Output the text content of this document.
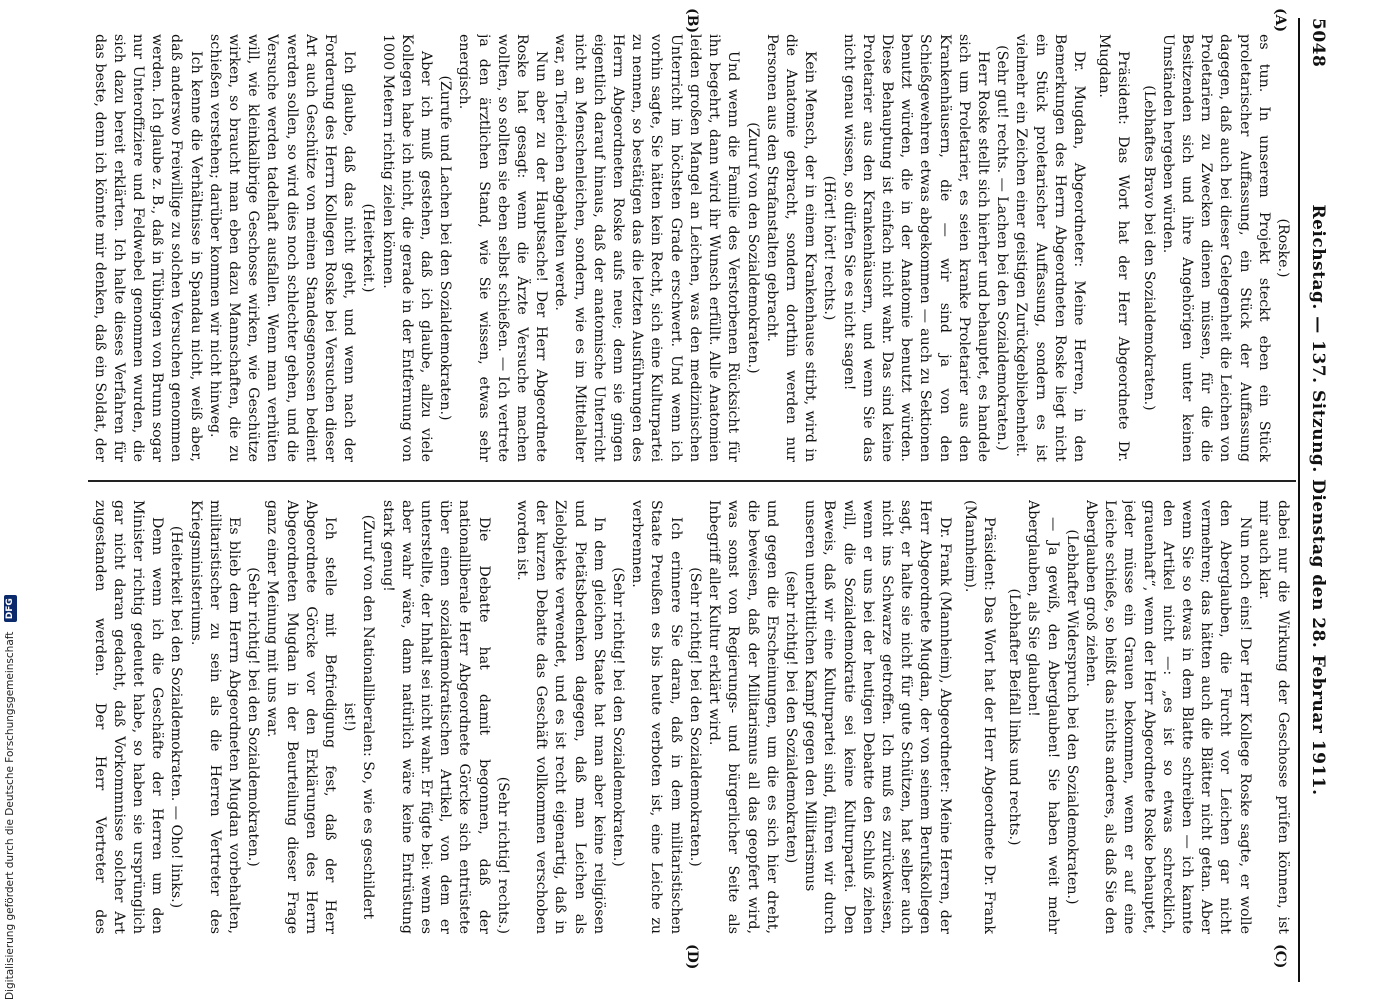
5048
Reichstag. — 137. Sitzung. Dienstag den 28. Februar 1911.
(A)
(B)
(C)
(D)

(Roske.)

es tun. In unserem Projekt steckt eben ein Stück proletarischer Auffassung, ein Stück der Auffassung dagegen, daß auch bei dieser Gelegenheit die Leichen von Proletariern zu Zwecken dienen müssen, für die die Besitzenden sich und ihre Angehörigen unter keinen Umständen hergeben würden.

(Lebhaftes Bravo bei den Sozialdemokraten.)

Präsident: Das Wort hat der Herr Abgeordnete Dr. Mugdan.

Dr. Mugdan, Abgeordneter: Meine Herren, in den Bemerkungen des Herrn Abgeordneten Roske liegt nicht ein Stück proletarischer Auffassung, sondern es ist vielmehr ein Zeichen einer geistigen Zurückgebliebenheit.

(Sehr gut! rechts. — Lachen bei den Sozialdemokraten.)

Herr Roske stellt sich hierher und behauptet, es handele sich um Proletarier, es seien kranke Proletarier aus den Krankenhäusern, die — wir sind ja von den Schießgewehren etwas abgekommen — auch zu Sektionen benutzt würden, die in der Anatomie benutzt würden. Diese Behauptung ist einfach nicht wahr. Das sind keine Proletarier aus den Krankenhäusern, und wenn Sie das nicht genau wissen, so dürfen Sie es nicht sagen!

(Hört! hört! rechts.)

Kein Mensch, der in einem Krankenhause stirbt, wird in die Anatomie gebracht, sondern dorthin werden nur Personen aus den Strafanstalten gebracht.

(Zuruf von den Sozialdemokraten.)

Und wenn die Familie des Verstorbenen Rücksicht für ihn begehrt, dann wird ihr Wunsch erfüllt. Alle Anatomien leiden großen Mangel an Leichen, was den medizinischen Unterricht im höchsten Grade erschwert. Und wenn ich vorhin sagte, Sie hätten kein Recht, sich eine Kulturpartei zu nennen, so bestätigen das die letzten Ausführungen des Herrn Abgeordneten Roske aufs neue; denn sie gingen eigentlich darauf hinaus, daß der anatomische Unterricht nicht an Menschenleichen, sondern, wie es im Mittelalter war, an Tierleichen abgehalten werde.

Nun aber zu der Hauptsache! Der Herr Abgeordnete Roske hat gesagt: wenn die Ärzte Versuche machen wollten, so sollten sie eben selbst schießen. — Ich vertrete ja den ärztlichen Stand, wie Sie wissen, etwas sehr energisch.

(Zurufe und Lachen bei den Sozialdemokraten.)

Aber ich muß gestehen, daß ich glaube, allzu viele Kollegen habe ich nicht, die gerade in der Entfernung von 1000 Metern richtig zielen können.

(Heiterkeit.)

Ich glaube, daß das nicht geht, und wenn nach der Forderung des Herrn Kollegen Roske bei Versuchen dieser Art auch Geschütze von meinen Standesgenossen bedient werden sollen, so wird dies noch schlechter gehen, und die Versuche werden tadelhaft ausfallen. Wenn man verhüten will, wie kleinkalibrige Geschosse wirken, wie Geschütze wirken, so braucht man eben dazu Mannschaften, die zu schießen verstehen; darüber kommen wir nicht hinweg.

Ich kenne die Verhältnisse in Spandau nicht, weiß aber, daß anderswo Freiwillige zu solchen Versuchen genommen werden. Ich glaube z. B., daß in Tübingen von Brunn sogar nur Unteroffiziere und Feldwebel genommen wurden, die sich dazu bereit erklärten. Ich halte dieses Verfahren für das beste, denn ich könnte mir denken, daß ein Soldat, der

dabei nur die Wirkung der Geschosse prüfen können, ist mir auch klar.

Nun noch eins! Der Herr Kollege Roske sagte, er wolle den Aberglauben, die Furcht vor Leichen gar nicht vermehren; das hätten auch die Blätter nicht getan. Aber wenn Sie so etwas in dem Blatte schreiben — ich kannte den Artikel nicht —: „es ist so etwas schrecklich, grauenhaft“, wenn der Herr Abgeordnete Roske behauptet, jeder müsse ein Grauen bekommen, wenn er auf eine Leiche schieße, so heißt das nichts anderes, als daß Sie den Aberglauben groß ziehen.

(Lebhafter Widerspruch bei den Sozialdemokraten.)

— Ja gewiß, den Aberglauben! Sie haben weit mehr Aberglauben, als Sie glauben!

(Lebhafter Beifall links und rechts.)

Präsident: Das Wort hat der Herr Abgeordnete Dr. Frank (Mannheim).

Dr. Frank (Mannheim), Abgeordneter: Meine Herren, der Herr Abgeordnete Mugdan, der von seinem Berufskollegen sagt, er halte sie nicht für gute Schützen, hat selber auch nicht ins Schwarze getroffen. Ich muß es zurückweisen, wenn er uns bei der heutigen Debatte den Schluß ziehen will, die Sozialdemokratie sei keine Kulturpartei. Den Beweis, daß wir eine Kulturpartei sind, führen wir durch unseren unerbittlichen Kampf gegen den Militarismus

(sehr richtig! bei den Sozialdemokraten)

und gegen die Erscheinungen, um die es sich hier dreht, die beweisen, daß der Militarismus all das geopfert wird, was sonst von Regierungs- und bürgerlicher Seite als Inbegriff aller Kultur erklärt wird.

(Sehr richtig! bei den Sozialdemokraten.)

Ich erinnere Sie daran, daß in dem militaristischen Staate Preußen es bis heute verboten ist, eine Leiche zu verbrennen.

(Sehr richtig! bei den Sozialdemokraten.)

In dem gleichen Staate hat man aber keine religiösen und Pietätsbedenken dagegen, daß man Leichen als Zielobjekte verwendet, und es ist recht eigenartig, daß in der kurzen Debatte das Geschäft vollkommen verschoben worden ist.

(Sehr richtig! rechts.)

Die Debatte hat damit begonnen, daß der nationalliberale Herr Abgeordnete Görcke sich entrüstete über einen sozialdemokratischen Artikel, von dem er unterstellte, der Inhalt sei nicht wahr. Er fügte bei: wenn es aber wahr wäre, dann natürlich wäre keine Entrüstung stark genug!

(Zuruf von den Nationalliberalen: So, wie es geschildert ist!)

Ich stelle mit Befriedigung fest, daß der Herr Abgeordnete Görcke vor den Erklärungen des Herrn Abgeordneten Mugdan in der Beurteilung dieser Frage ganz einer Meinung mit uns war.

(Sehr richtig! bei den Sozialdemokraten.)

Es blieb dem Herrn Abgeordneten Mugdan vorbehalten, militaristischer zu sein als die Herren Vertreter des Kriegsministeriums.

(Heiterkeit bei den Sozialdemokraten. — Oho! links.)

Denn wenn ich die Geschäfte der Herren um den Minister richtig gedeutet habe, so haben sie ursprünglich gar nicht daran gedacht, daß Vorkommnisse solcher Art zugestanden werden. Der Herr Vertreter des

Digitalisierung gefördert durch die Deutsche Forschungsgemeinschaft DFG
